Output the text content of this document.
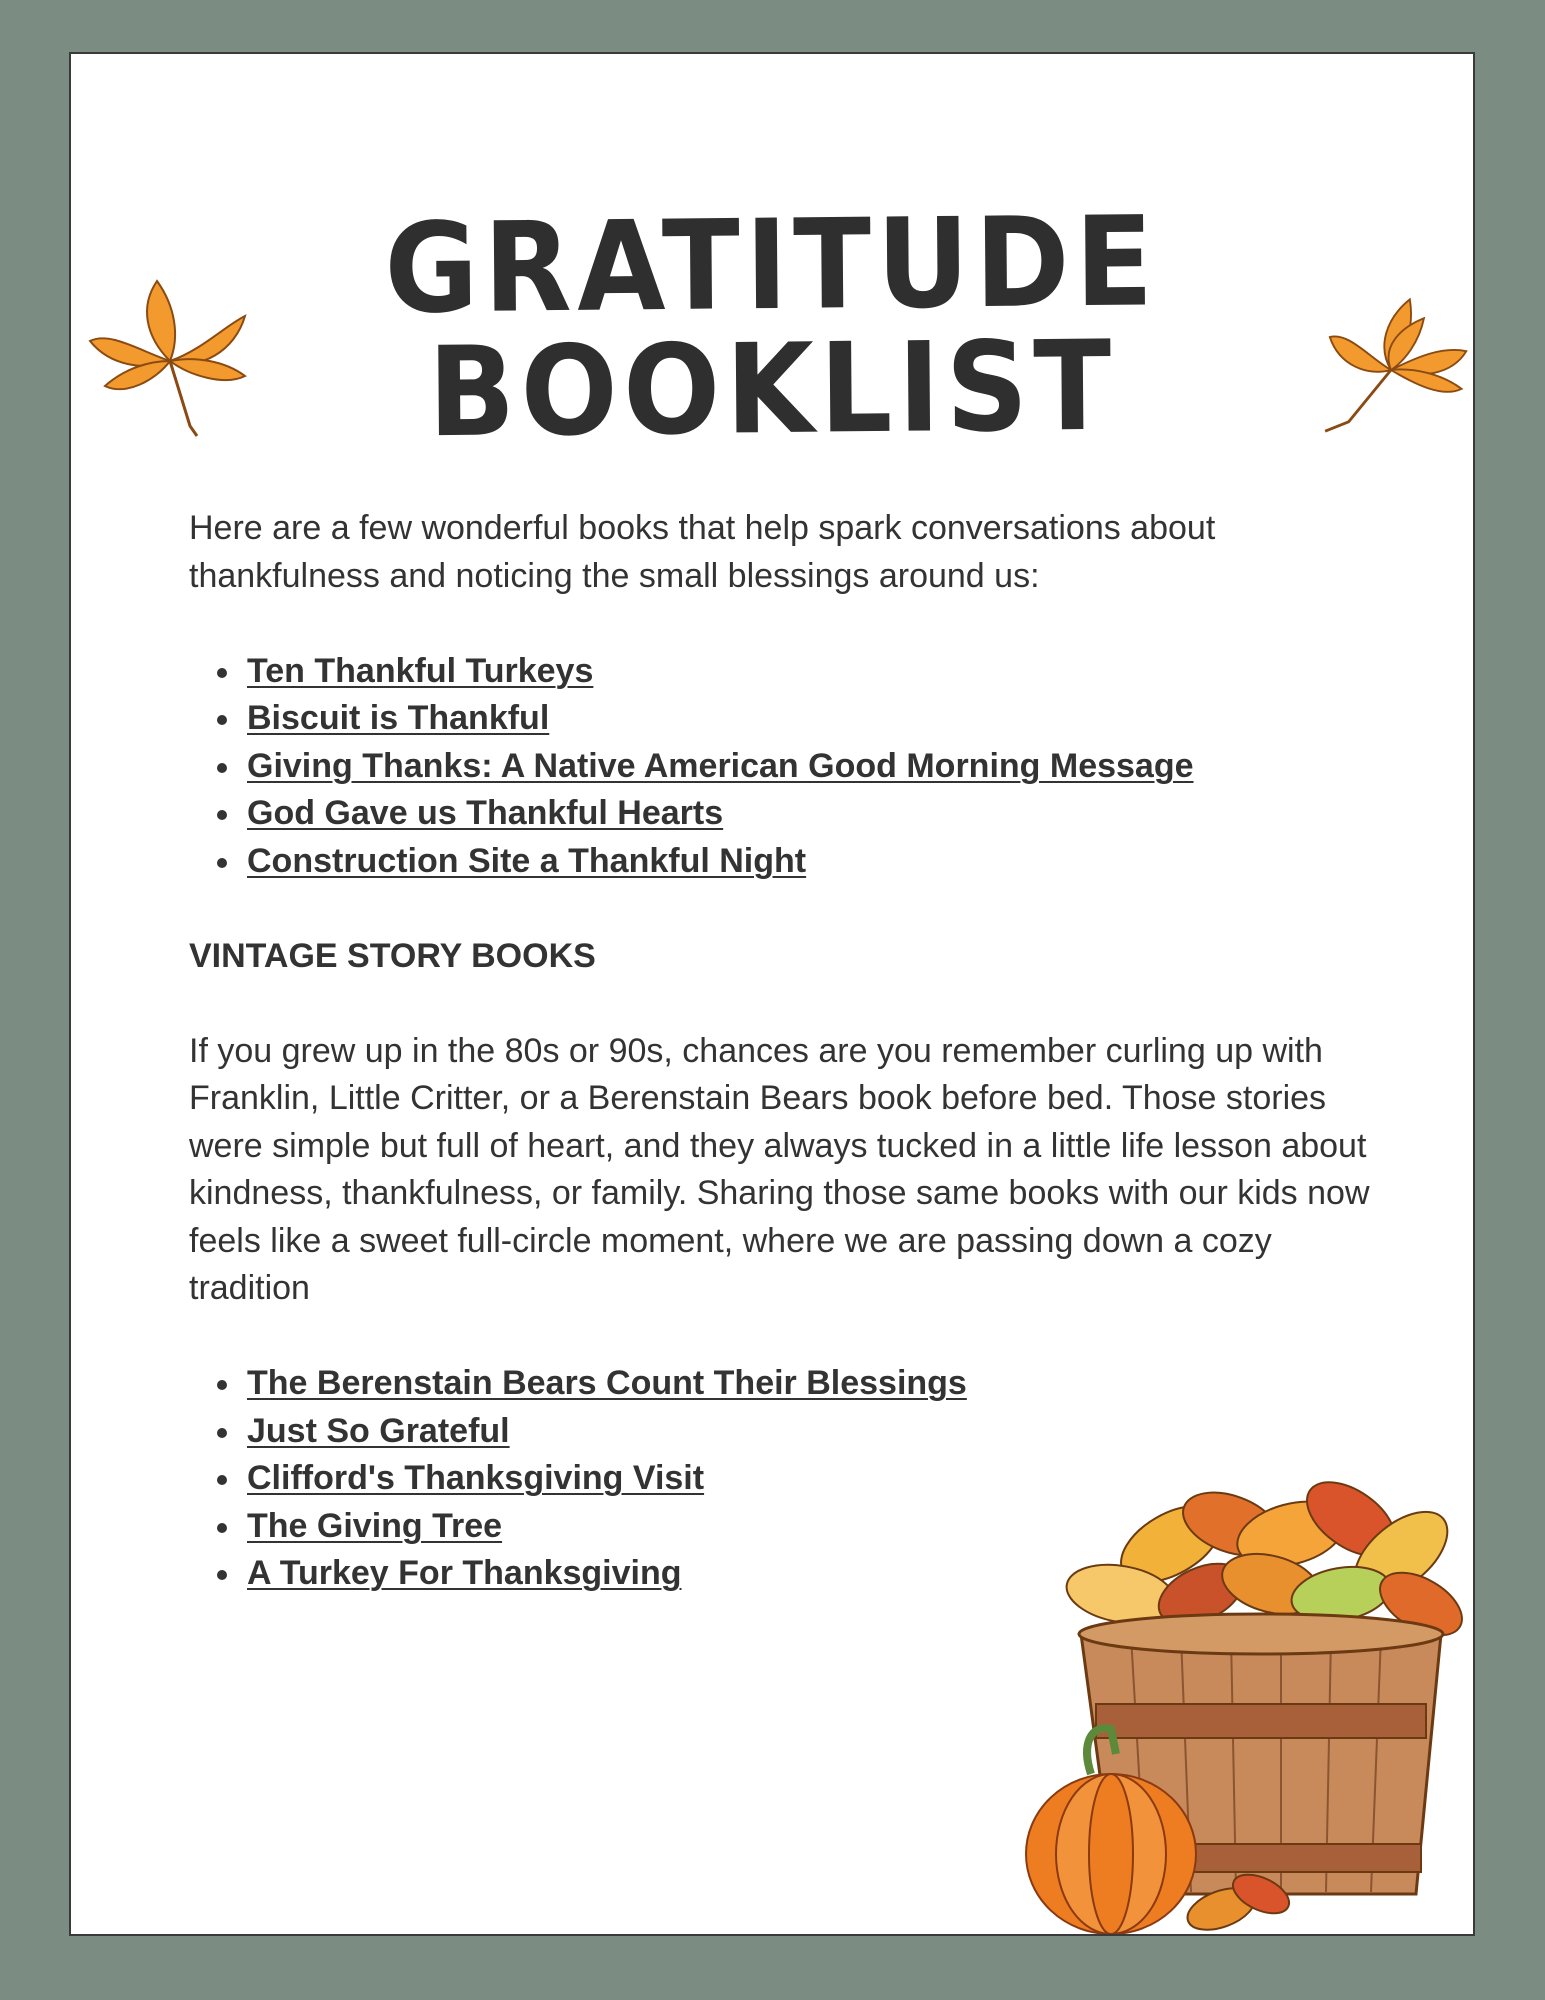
GRATITUDE BOOKLIST

Here are a few wonderful books that help spark conversations about thankfulness and noticing the small blessings around us:

Ten Thankful Turkeys
Biscuit is Thankful
Giving Thanks: A Native American Good Morning Message
God Gave us Thankful Hearts
Construction Site a Thankful Night

VINTAGE STORY BOOKS

If you grew up in the 80s or 90s, chances are you remember curling up with Franklin, Little Critter, or a Berenstain Bears book before bed. Those stories were simple but full of heart, and they always tucked in a little life lesson about kindness, thankfulness, or family. Sharing those same books with our kids now feels like a sweet full-circle moment, where we are passing down a cozy tradition

The Berenstain Bears Count Their Blessings
Just So Grateful
Clifford's Thanksgiving Visit
The Giving Tree
A Turkey For Thanksgiving
